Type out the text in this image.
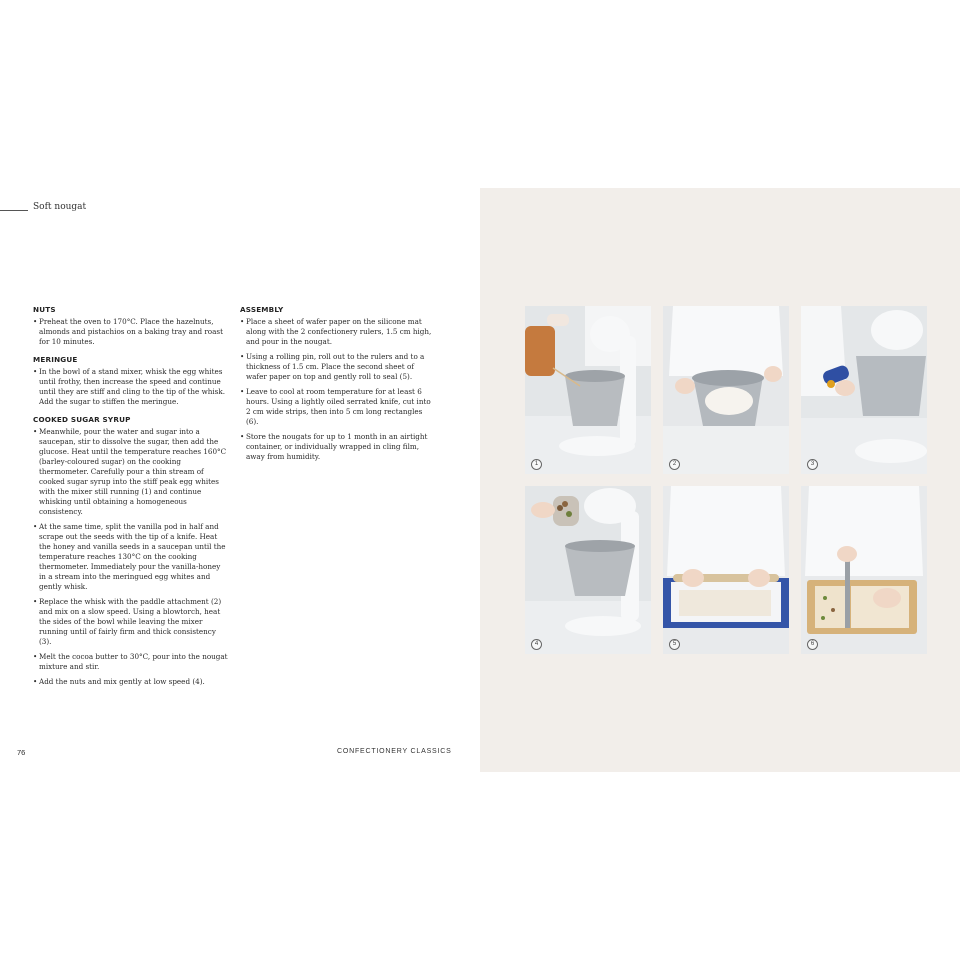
Soft nougat
NUTS
• Preheat the oven to 170°C. Place the hazelnuts, almonds and pistachios on a baking tray and roast for 10 minutes.
MERINGUE
• In the bowl of a stand mixer, whisk the egg whites until frothy, then increase the speed and continue until they are stiff and cling to the tip of the whisk. Add the sugar to stiffen the meringue.
COOKED SUGAR SYRUP
• Meanwhile, pour the water and sugar into a saucepan, stir to dissolve the sugar, then add the glucose. Heat until the temperature reaches 160°C (barley-coloured sugar) on the cooking thermometer. Carefully pour a thin stream of cooked sugar syrup into the stiff peak egg whites with the mixer still running (1) and continue whisking until obtaining a homogeneous consistency.
• At the same time, split the vanilla pod in half and scrape out the seeds with the tip of a knife. Heat the honey and vanilla seeds in a saucepan until the temperature reaches 130°C on the cooking thermometer. Immediately pour the vanilla-honey in a stream into the meringued egg whites and gently whisk.
• Replace the whisk with the paddle attachment (2) and mix on a slow speed. Using a blowtorch, heat the sides of the bowl while leaving the mixer running until of fairly firm and thick consistency (3).
• Melt the cocoa butter to 30°C, pour into the nougat mixture and stir.
• Add the nuts and mix gently at low speed (4).
ASSEMBLY
• Place a sheet of wafer paper on the silicone mat along with the 2 confectionery rulers, 1.5 cm high, and pour in the nougat.
• Using a rolling pin, roll out to the rulers and to a thickness of 1.5 cm. Place the second sheet of wafer paper on top and gently roll to seal (5).
• Leave to cool at room temperature for at least 6 hours. Using a lightly oiled serrated knife, cut into 2 cm wide strips, then into 5 cm long rectangles (6).
• Store the nougats for up to 1 month in an airtight container, or individually wrapped in cling film, away from humidity.
76	CONFECTIONERY CLASSICS
1	2	3
4	5	6
